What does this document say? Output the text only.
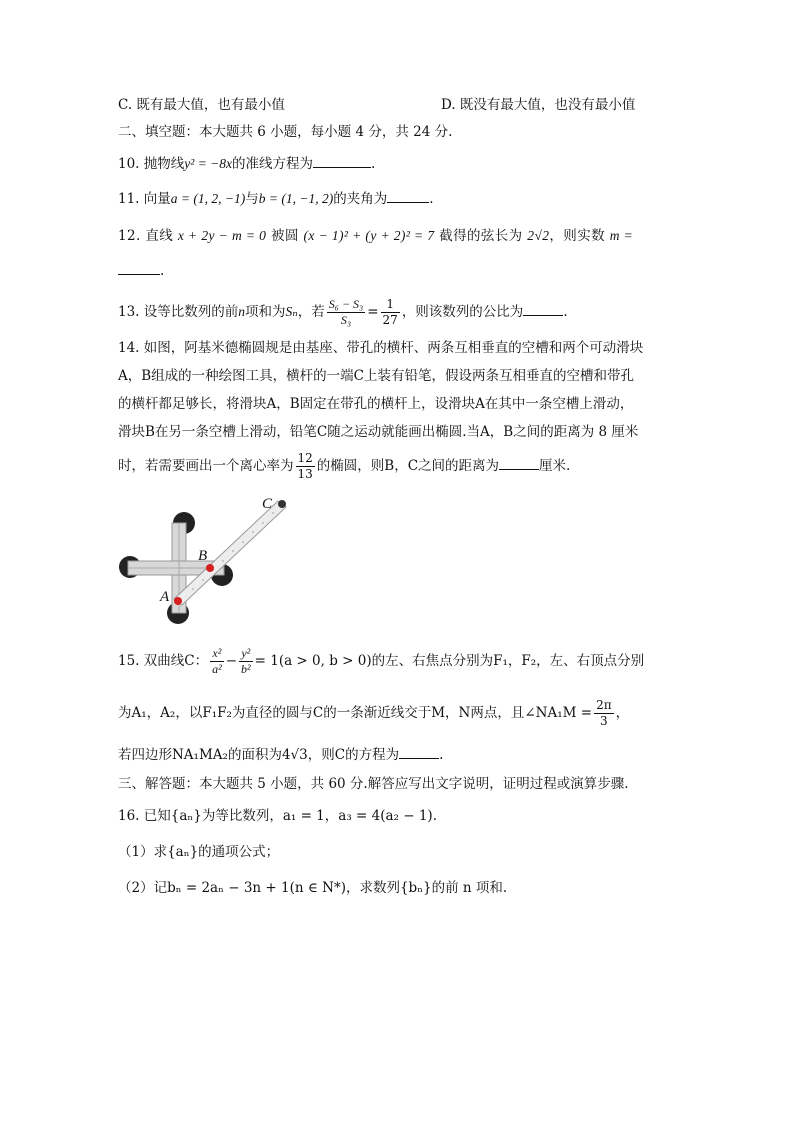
C. 既有最大值，也有最小值	D. 既没有最大值，也没有最小值
二、填空题：本大题共 6 小题，每小题 4 分，共 24 分.
10. 抛物线y² = −8x的准线方程为	.
11. 向量a = (1, 2, −1)与b = (1, −1, 2)的夹角为	.
12. 直线 x + 2y − m = 0 被圆 (x − 1)² + (y + 2)² = 7 截得的弦长为 2√2，则实数 m =
.
13. 设等比数列的前n项和为Sₙ，若 $\frac{\text{S₆ − S₃}}{\text{S₃}} = \frac{1}{27}$ ，则该数列的公比为	.
14. 如图，阿基米德椭圆规是由基座、带孔的横杆、两条互相垂直的空槽和两个可动滑块
A，B组成的一种绘图工具，横杆的一端C上装有铅笔，假设两条互相垂直的空槽和带孔
的横杆都足够长，将滑块A，B固定在带孔的横杆上，设滑块A在其中一条空槽上滑动，
滑块B在另一条空槽上滑动，铅笔C随之运动就能画出椭圆.当A，B之间的距离为 8 厘米
时，若需要画出一个离心率为 $\frac{12}{13}$ 的椭圆，则B，C之间的距离为	厘米.
A
B
C
15. 双曲线C： $\frac{\text{x²}}{\text{a²}} - \frac{\text{y²}}{\text{b²}} = 1(a > 0$, b > 0)的左、右焦点分别为F₁，F₂，左、右顶点分别
为A₁，A₂，以F₁F₂为直径的圆与C的一条渐近线交于M，N两点，且∠NA₁M = $\frac{2\pi}{3}$ ，
若四边形NA₁MA₂的面积为4√3，则C的方程为	.
三、解答题：本大题共 5 小题，共 60 分.解答应写出文字说明，证明过程或演算步骤.
16. 已知{aₙ}为等比数列，a₁ = 1，a₃ = 4(a₂ − 1).
（1）求{aₙ}的通项公式；
（2）记bₙ = 2aₙ − 3n + 1(n ∈ N*)，求数列{bₙ}的前 n 项和.
